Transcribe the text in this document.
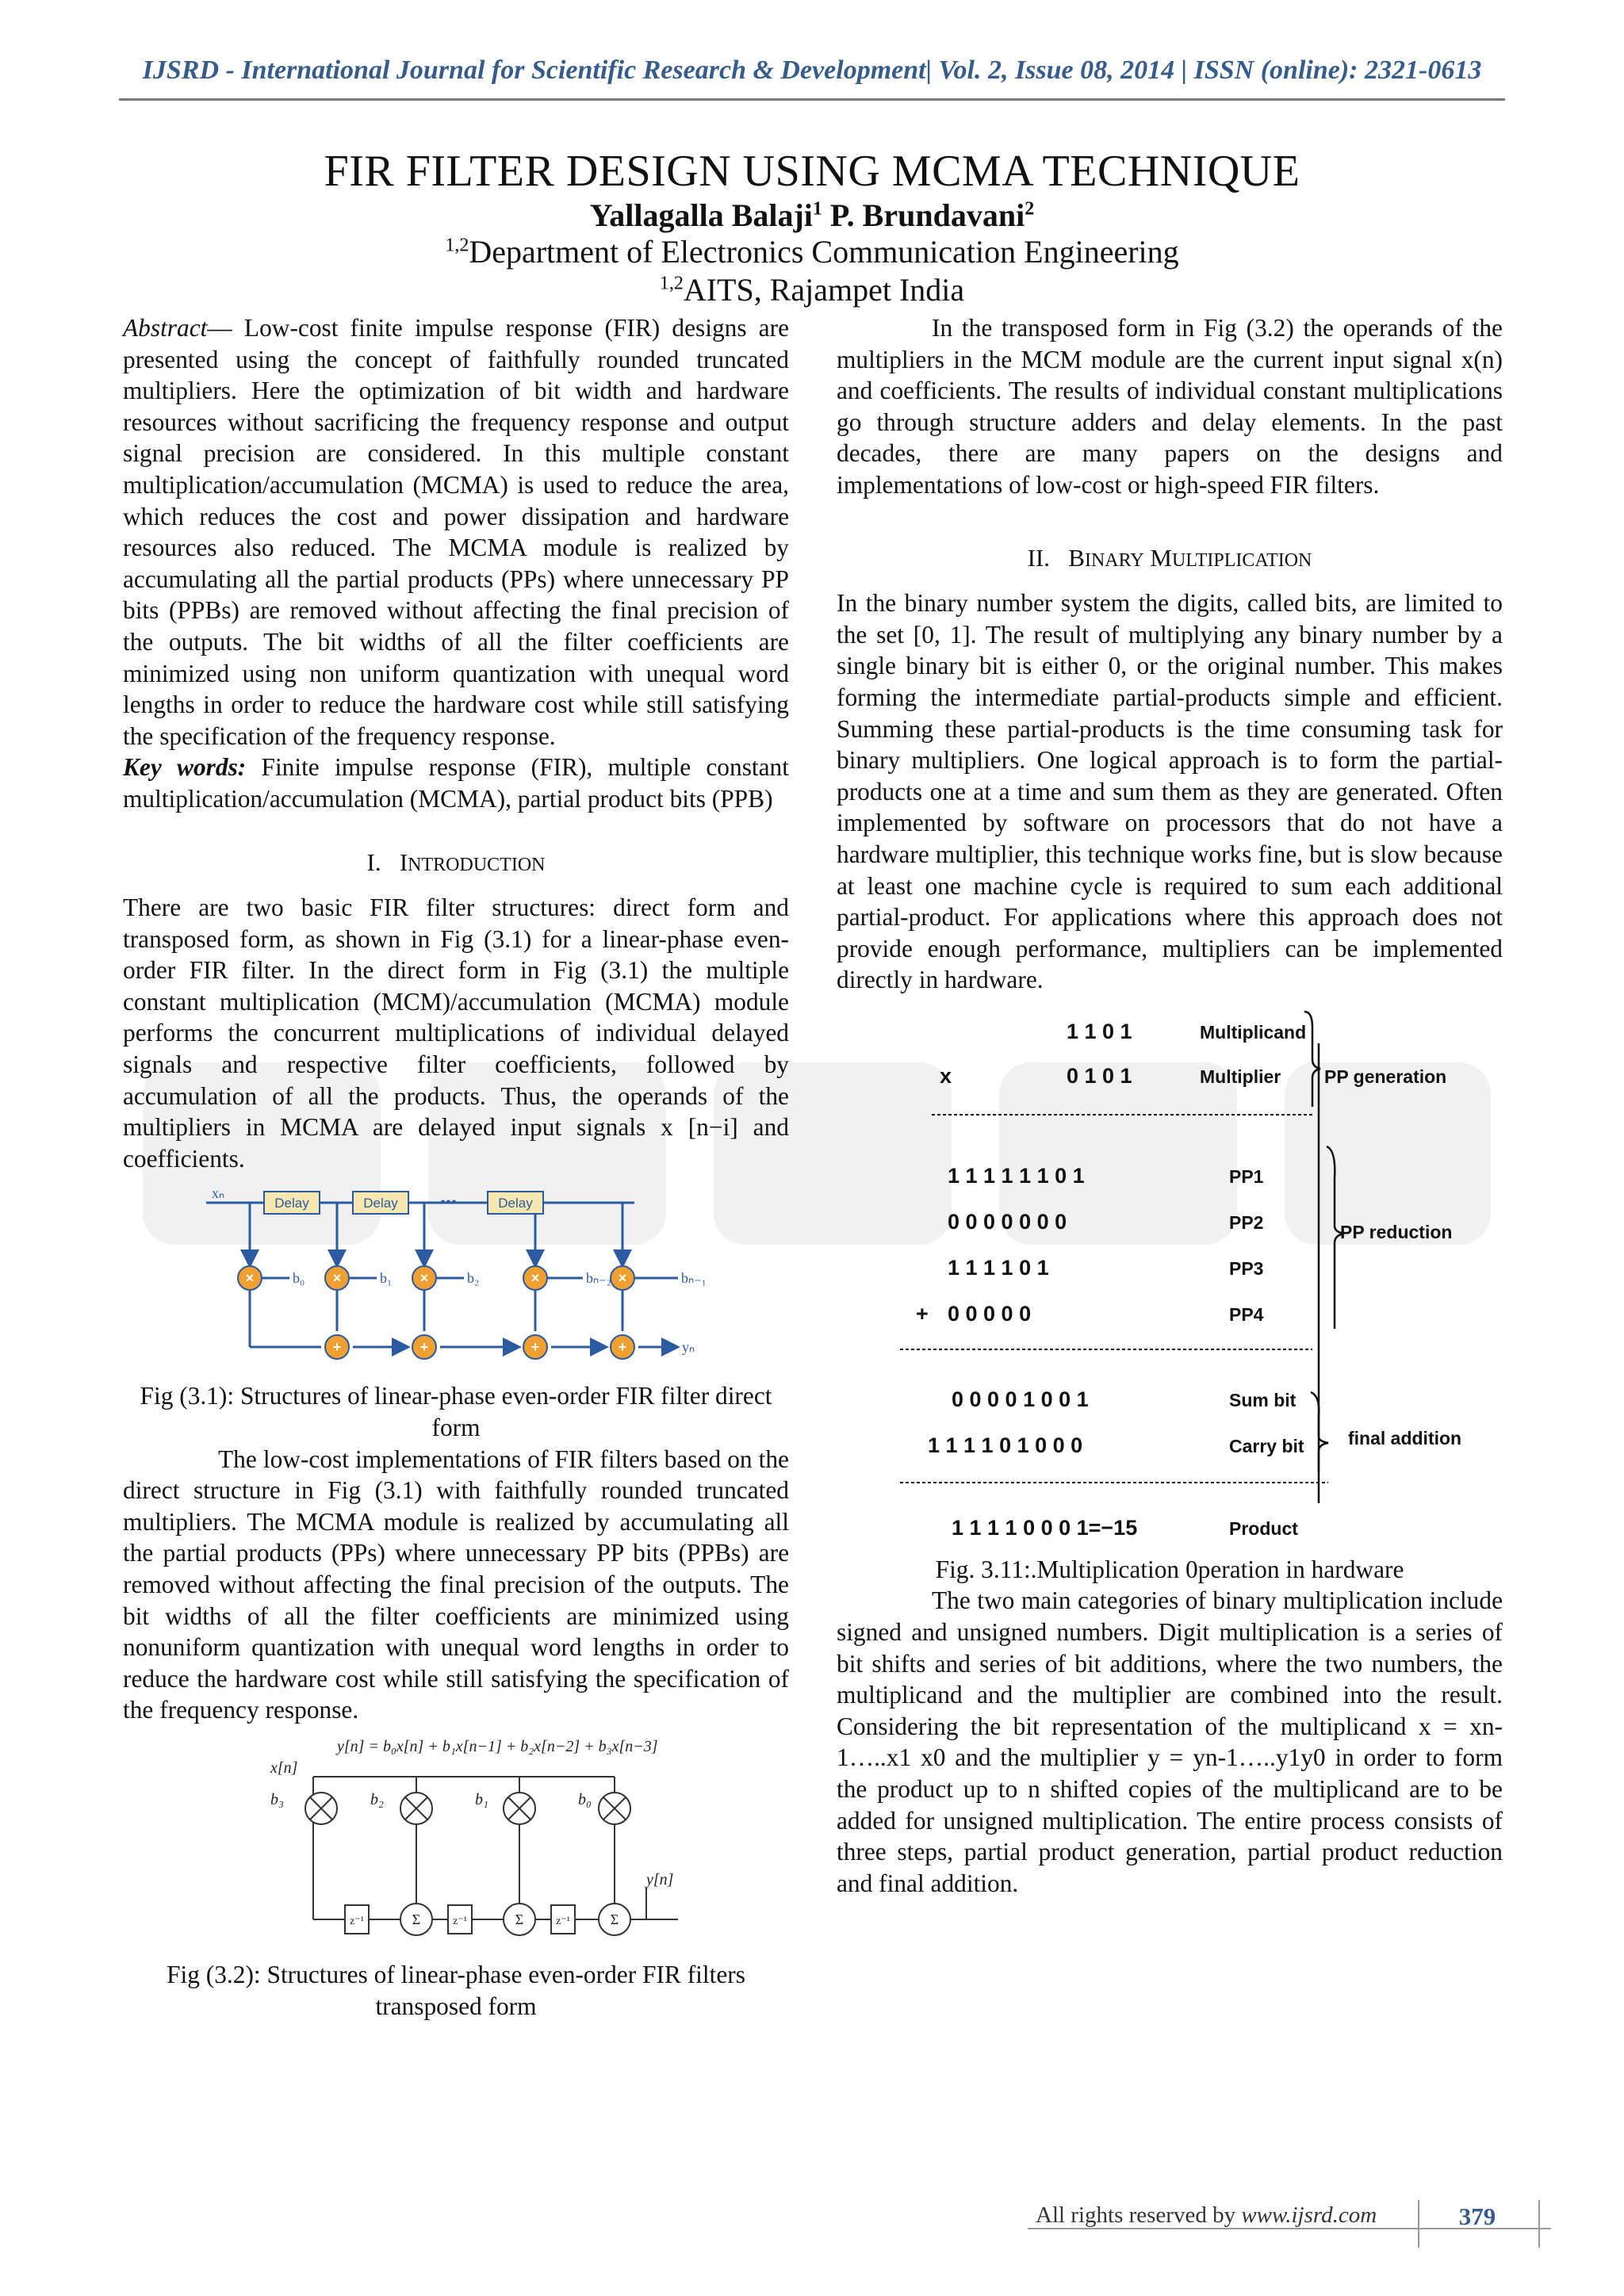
IJSRD - International Journal for Scientific Research & Development| Vol. 2, Issue 08, 2014 | ISSN (online): 2321-0613
FIR FILTER DESIGN USING MCMA TECHNIQUE
Yallagalla Balaji$^1$ P. Brundavani$^2$
$^{1,2}$Department of Electronics Communication Engineering
$^{1,2}$AITS, Rajampet India

Abstract— Low-cost finite impulse response (FIR) designs are presented using the concept of faithfully rounded truncated multipliers. Here the optimization of bit width and hardware resources without sacrificing the frequency response and output signal precision are considered. In this multiple constant multiplication/accumulation (MCMA) is used to reduce the area, which reduces the cost and power dissipation and hardware resources also reduced. The MCMA module is realized by accumulating all the partial products (PPs) where unnecessary PP bits (PPBs) are removed without affecting the final precision of the outputs. The bit widths of all the filter coefficients are minimized using non uniform quantization with unequal word lengths in order to reduce the hardware cost while still satisfying the specification of the frequency response.

Key words: Finite impulse response (FIR), multiple constant multiplication/accumulation (MCMA), partial product bits (PPB)

I. INTRODUCTION

There are two basic FIR filter structures: direct form and transposed form, as shown in Fig (3.1) for a linear-phase even-order FIR filter. In the direct form in Fig (3.1) the multiple constant multiplication (MCM)/accumulation (MCMA) module performs the concurrent multiplications of individual delayed signals and respective filter coefficients, followed by accumulation of all the products. Thus, the operands of the multipliers in MCMA are delayed input signals x [n−i] and coefficients.

Delay	Delay	Delay
•••
xₙ
yₙ
×	×	×	×	×
+	+	+	+
b₀	b₁	b₂	bₙ₋₂	bₙ₋₁

Fig (3.1): Structures of linear-phase even-order FIR filter direct form

The low-cost implementations of FIR filters based on the direct structure in Fig (3.1) with faithfully rounded truncated multipliers. The MCMA module is realized by accumulating all the partial products (PPs) where unnecessary PP bits (PPBs) are removed without affecting the final precision of the outputs. The bit widths of all the filter coefficients are minimized using nonuniform quantization with unequal word lengths in order to reduce the hardware cost while still satisfying the specification of the frequency response.

y[n] = b₀x[n] + b₁x[n−1] + b₂x[n−2] + b₃x[n−3]
Σ	Σ	Σ
z⁻¹	z⁻¹	z⁻¹
x[n]
y[n]
b₃	b₂	b₁	b₀

Fig (3.2): Structures of linear-phase even-order FIR filters transposed form

In the transposed form in Fig (3.2) the operands of the multipliers in the MCM module are the current input signal x(n) and coefficients. The results of individual constant multiplications go through structure adders and delay elements. In the past decades, there are many papers on the designs and implementations of low-cost or high-speed FIR filters.

II. BINARY MULTIPLICATION

In the binary number system the digits, called bits, are limited to the set [0, 1]. The result of multiplying any binary number by a single binary bit is either 0, or the original number. This makes forming the intermediate partial-products simple and efficient. Summing these partial-products is the time consuming task for binary multipliers. One logical approach is to form the partial-products one at a time and sum them as they are generated. Often implemented by software on processors that do not have a hardware multiplier, this technique works fine, but is slow because at least one machine cycle is required to sum each additional partial-product. For applications where this approach does not provide enough performance, multipliers can be implemented directly in hardware.

1 1 0 1	Multiplicand
x	0 1 0 1	Multiplier
1 1 1 1 1 1 0 1	PP1
0 0 0 0 0 0 0	PP2
1 1 1 1 0 1	PP3
+ 0 0 0 0 0	PP4
0 0 0 0 1 0 0 1	Sum bit
1 1 1 1 0 1 0 0 0	Carry bit
1 1 1 1 0 0 0 1=−15	Product
PP generation
PP reduction
final addition

Fig. 3.11:.Multiplication 0peration in hardware

The two main categories of binary multiplication include signed and unsigned numbers. Digit multiplication is a series of bit shifts and series of bit additions, where the two numbers, the multiplicand and the multiplier are combined into the result. Considering the bit representation of the multiplicand x = xn-1…..x1 x0 and the multiplier y = yn-1…..y1y0 in order to form the product up to n shifted copies of the multiplicand are to be added for unsigned multiplication. The entire process consists of three steps, partial product generation, partial product reduction and final addition.

All rights reserved by www.ijsrd.com	379
